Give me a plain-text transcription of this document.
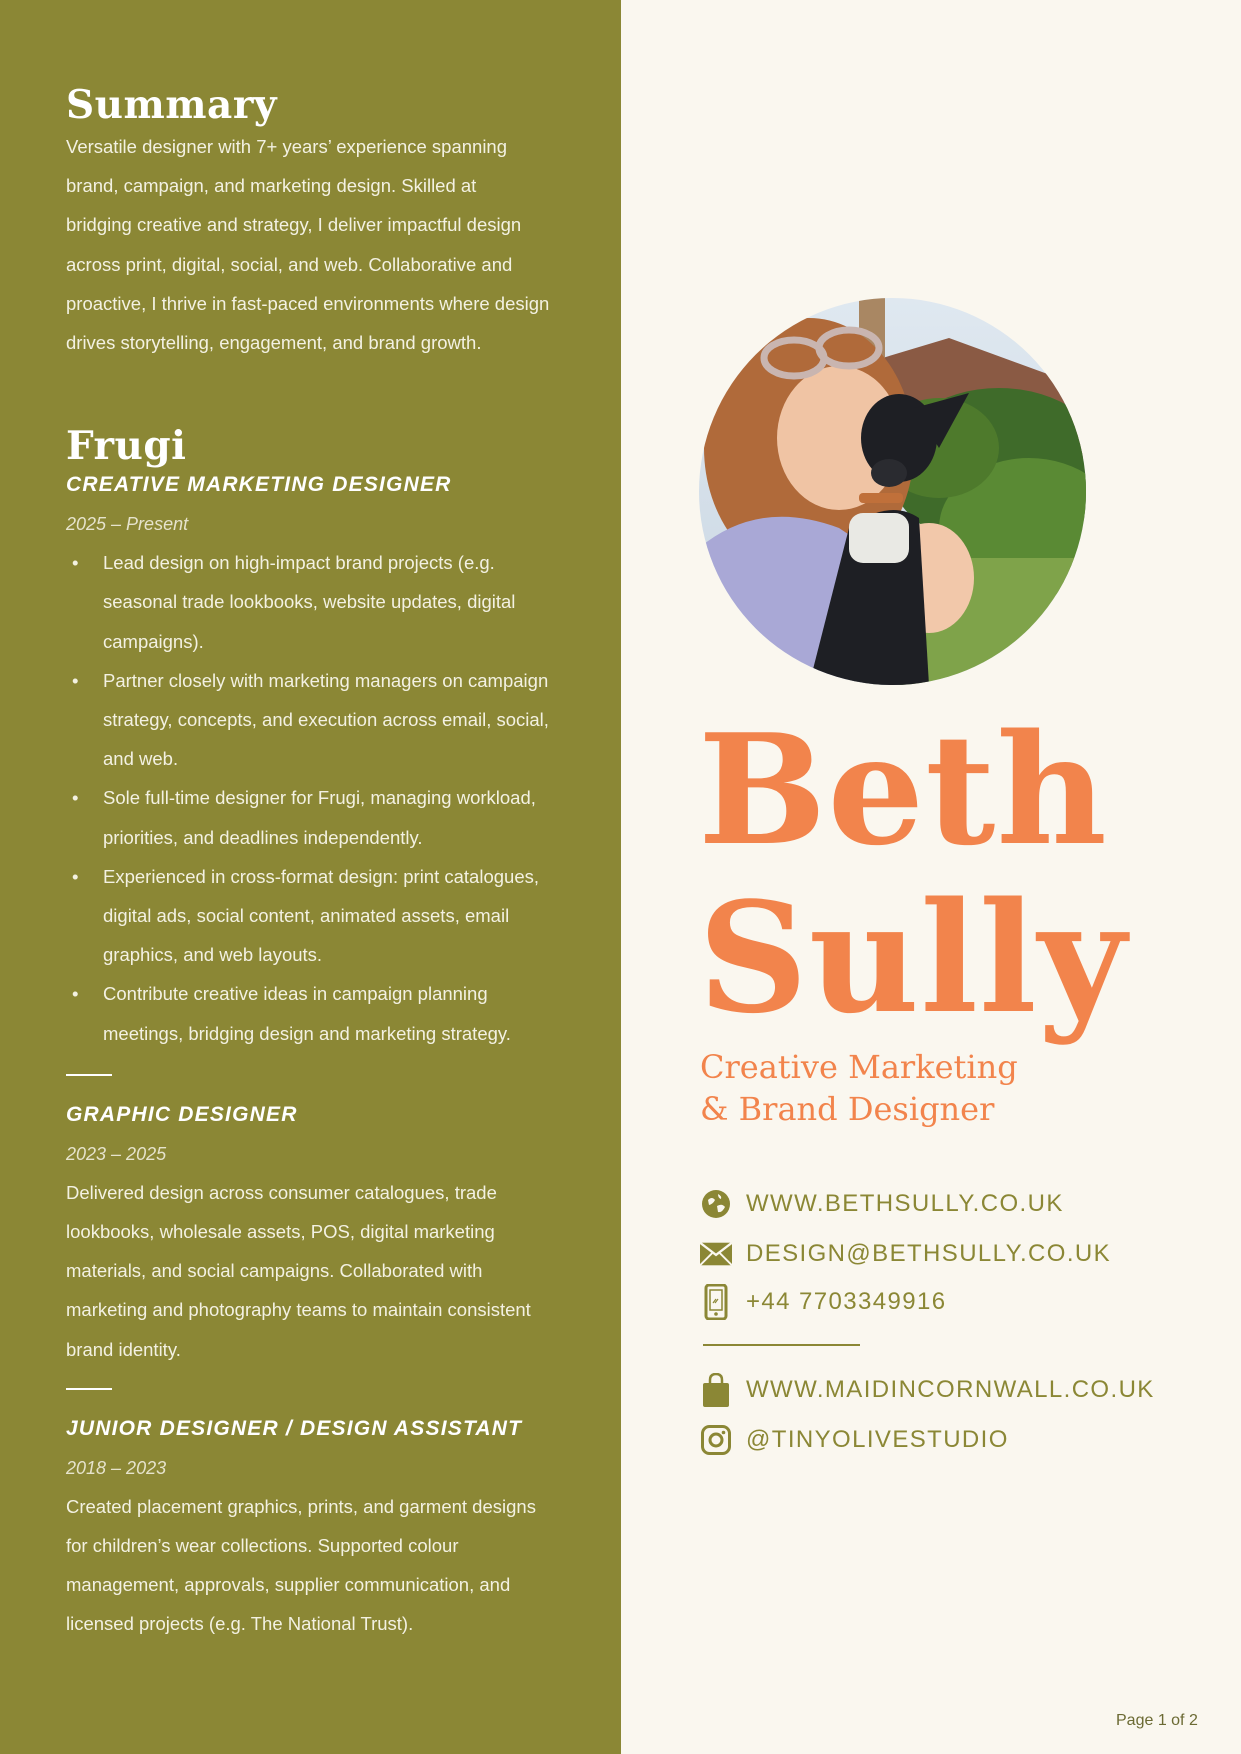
Summary
Versatile designer with 7+ years’ experience spanning
brand, campaign, and marketing design. Skilled at
bridging creative and strategy, I deliver impactful design
across print, digital, social, and web. Collaborative and
proactive, I thrive in fast-paced environments where design
drives storytelling, engagement, and brand growth.
Frugi
CREATIVE MARKETING DESIGNER
2025 – Present
• Lead design on high-impact brand projects (e.g.
seasonal trade lookbooks, website updates, digital
campaigns).
• Partner closely with marketing managers on campaign
strategy, concepts, and execution across email, social,
and web.
• Sole full-time designer for Frugi, managing workload,
priorities, and deadlines independently.
• Experienced in cross-format design: print catalogues,
digital ads, social content, animated assets, email
graphics, and web layouts.
• Contribute creative ideas in campaign planning
meetings, bridging design and marketing strategy.
GRAPHIC DESIGNER
2023 – 2025
Delivered design across consumer catalogues, trade
lookbooks, wholesale assets, POS, digital marketing
materials, and social campaigns. Collaborated with
marketing and photography teams to maintain consistent
brand identity.
JUNIOR DESIGNER / DESIGN ASSISTANT
2018 – 2023
Created placement graphics, prints, and garment designs
for children’s wear collections. Supported colour
management, approvals, supplier communication, and
licensed projects (e.g. The National Trust).
Beth
Sully
Creative Marketing
& Brand Designer
WWW.BETHSULLY.CO.UK
DESIGN@BETHSULLY.CO.UK
+44 7703349916
WWW.MAIDINCORNWALL.CO.UK
@TINYOLIVESTUDIO
Page 1 of 2
